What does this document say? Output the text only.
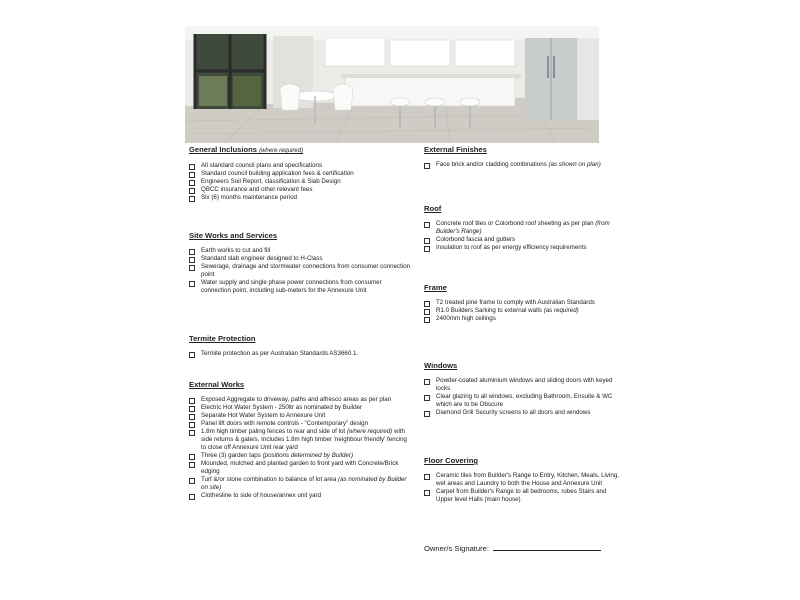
General Inclusions (where required)

All standard council plans and specifications
Standard council building application fees & certification
Engineers Soil Report, classification & Slab Design
QBCC insurance and other relevant fees
Six (6) months maintenance period

Site Works and Services

Earth works to cut and fill
Standard slab engineer designed to H-Class
Sewerage, drainage and stormwater connections from consumer connection point
Water supply and single phase power connections from consumer connection point, including sub-meters for the Annexure Unit

Termite Protection

Termite protection as per Australian Standards AS3660.1.

External Works

Exposed Aggregate to driveway, paths and alfresco areas as per plan
Electric Hot Water System - 250ltr as nominated by Builder
Separate Hot Water System to Annexure Unit
Panel lift doors with remote controls - "Contemporary" design
1.8m high timber paling fences to rear and side of lot (where required) with side returns & gate/s. Includes 1.8m high timber 'neighbour friendly' fencing to close off Annexure Unit rear yard
Three (3) garden taps (positions determined by Builder)
Mounded, mulched and planted garden to front yard with Concrete/Brick edging
Turf &/or stone combination to balance of lot area (as nominated by Builder on site)
Clothesline to side of house/annex unit yard

External Finishes

Face brick and/or cladding combinations (as shown on plan)

Roof

Concrete roof tiles or Colorbond roof sheeting as per plan (from Builder's Range)
Colorbond fascia and gutters
Insulation to roof as per energy efficiency requirements

Frame

T2 treated pine frame to comply with Australian Standards
R1.0 Builders Sarking to external walls (as required)
2400mm high ceilings

Windows

Powder-coated aluminium windows and sliding doors with keyed locks
Clear glazing to all windows, excluding Bathroom, Ensuite & WC which are to be Obscure
Diamond Grill Security screens to all doors and windows

Floor Covering

Ceramic tiles from Builder's Range to Entry, Kitchen, Meals, Living, wet areas and Laundry to both the House and Annexure Unit
Carpet from Builder's Range to all bedrooms, robes Stairs and Upper level Halls (main house)
Owner/s Signature:
